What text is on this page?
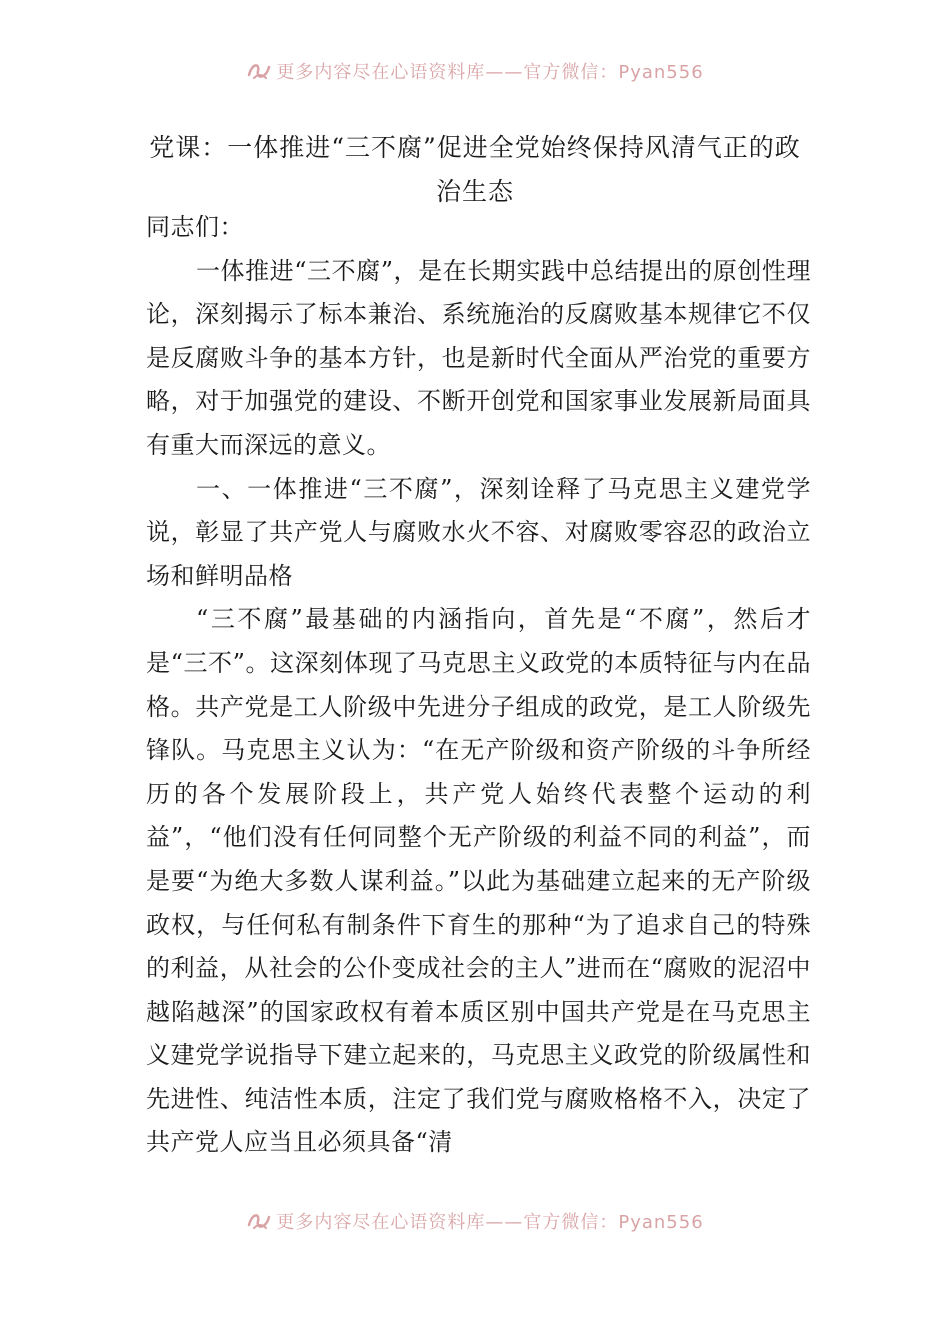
更多内容尽在心语资料库——官方微信：Pyan556
党课：一体推进“三不腐”促进全党始终保持风清气正的政治生态

同志们：

一体推进“三不腐”，是在长期实践中总结提出的原创性理论，深刻揭示了标本兼治、系统施治的反腐败基本规律它不仅是反腐败斗争的基本方针，也是新时代全面从严治党的重要方略，对于加强党的建设、不断开创党和国家事业发展新局面具有重大而深远的意义。

一、一体推进“三不腐”，深刻诠释了马克思主义建党学说，彰显了共产党人与腐败水火不容、对腐败零容忍的政治立场和鲜明品格

“三不腐”最基础的内涵指向，首先是“不腐”，然后才是“三不”。这深刻体现了马克思主义政党的本质特征与内在品格。共产党是工人阶级中先进分子组成的政党，是工人阶级先锋队。马克思主义认为：“在无产阶级和资产阶级的斗争所经历的各个发展阶段上，共产党人始终代表整个运动的利益”，“他们没有任何同整个无产阶级的利益不同的利益”，而是要“为绝大多数人谋利益。”以此为基础建立起来的无产阶级政权，与任何私有制条件下育生的那种“为了追求自己的特殊的利益，从社会的公仆变成社会的主人”进而在“腐败的泥沼中越陷越深”的国家政权有着本质区别中国共产党是在马克思主义建党学说指导下建立起来的，马克思主义政党的阶级属性和先进性、纯洁性本质，注定了我们党与腐败格格不入，决定了共产党人应当且必须具备“清

更多内容尽在心语资料库——官方微信：Pyan556
